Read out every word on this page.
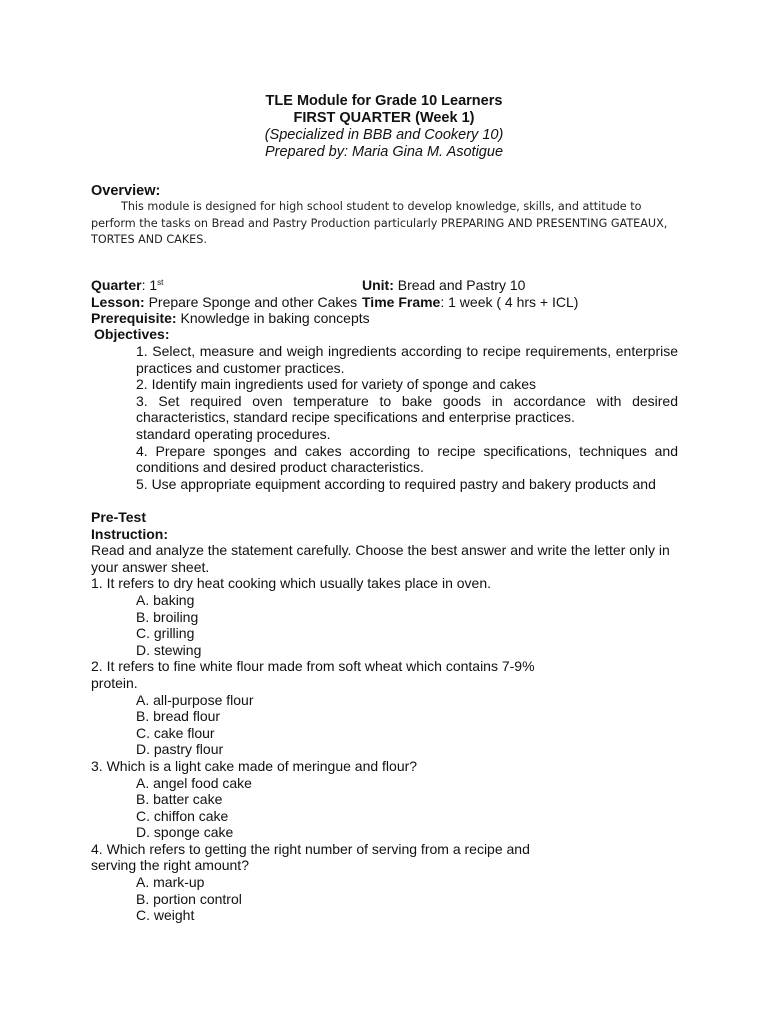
TLE Module for Grade 10 Learners
FIRST QUARTER (Week 1)
(Specialized in BBB and Cookery 10)
Prepared by: Maria Gina M. Asotigue
Overview:
This module is designed for high school student to develop knowledge, skills, and attitude to perform the tasks on Bread and Pastry Production particularly PREPARING AND PRESENTING GATEAUX, TORTES AND CAKES.
Quarter: 1st	Unit: Bread and Pastry 10
Lesson: Prepare Sponge and other Cakes Time Frame: 1 week ( 4 hrs + ICL)
Prerequisite: Knowledge in baking concepts
Objectives:

1. Select, measure and weigh ingredients according to recipe requirements, enterprise practices and customer practices.

2. Identify main ingredients used for variety of sponge and cakes

3. Set required oven temperature to bake goods in accordance with desired characteristics, standard recipe specifications and enterprise practices.

standard operating procedures.

4. Prepare sponges and cakes according to recipe specifications, techniques and conditions and desired product characteristics.

5. Use appropriate equipment according to required pastry and bakery products and

Pre-Test

Instruction:

Read and analyze the statement carefully. Choose the best answer and write the letter only in your answer sheet.

1. It refers to dry heat cooking which usually takes place in oven.

A. baking
B. broiling
C. grilling
D. stewing

2. It refers to fine white flour made from soft wheat which contains 7-9%

protein.

A. all-purpose flour
B. bread flour
C. cake flour
D. pastry flour

3. Which is a light cake made of meringue and flour?

A. angel food cake
B. batter cake
C. chiffon cake
D. sponge cake

4. Which refers to getting the right number of serving from a recipe and

serving the right amount?

A. mark-up
B. portion control
C. weight
